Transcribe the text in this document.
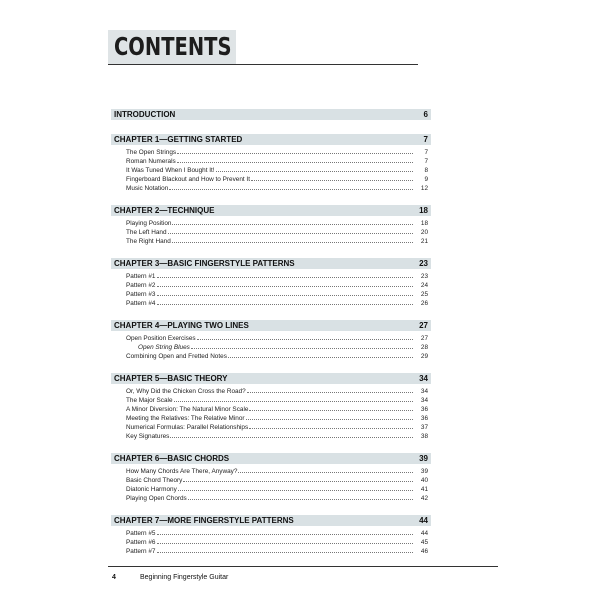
CONTENTS
INTRODUCTION	6
CHAPTER 1—GETTING STARTED	7
The Open Strings	7
Roman Numerals	7
It Was Tuned When I Bought It!	8
Fingerboard Blackout and How to Prevent It	9
Music Notation	12
CHAPTER 2—TECHNIQUE	18
Playing Position	18
The Left Hand	20
The Right Hand	21
CHAPTER 3—BASIC FINGERSTYLE PATTERNS	23
Pattern #1	23
Pattern #2	24
Pattern #3	25
Pattern #4	26
CHAPTER 4—PLAYING TWO LINES	27
Open Position Exercises	27
Open String Blues	28
Combining Open and Fretted Notes	29
CHAPTER 5—BASIC THEORY	34
Or, Why Did the Chicken Cross the Road?	34
The Major Scale	34
A Minor Diversion: The Natural Minor Scale	36
Meeting the Relatives: The Relative Minor	36
Numerical Formulas: Parallel Relationships	37
Key Signatures	38
CHAPTER 6—BASIC CHORDS	39
How Many Chords Are There, Anyway?	39
Basic Chord Theory	40
Diatonic Harmony	41
Playing Open Chords	42
CHAPTER 7—MORE FINGERSTYLE PATTERNS	44
Pattern #5	44
Pattern #6	45
Pattern #7	46
4	Beginning Fingerstyle Guitar
